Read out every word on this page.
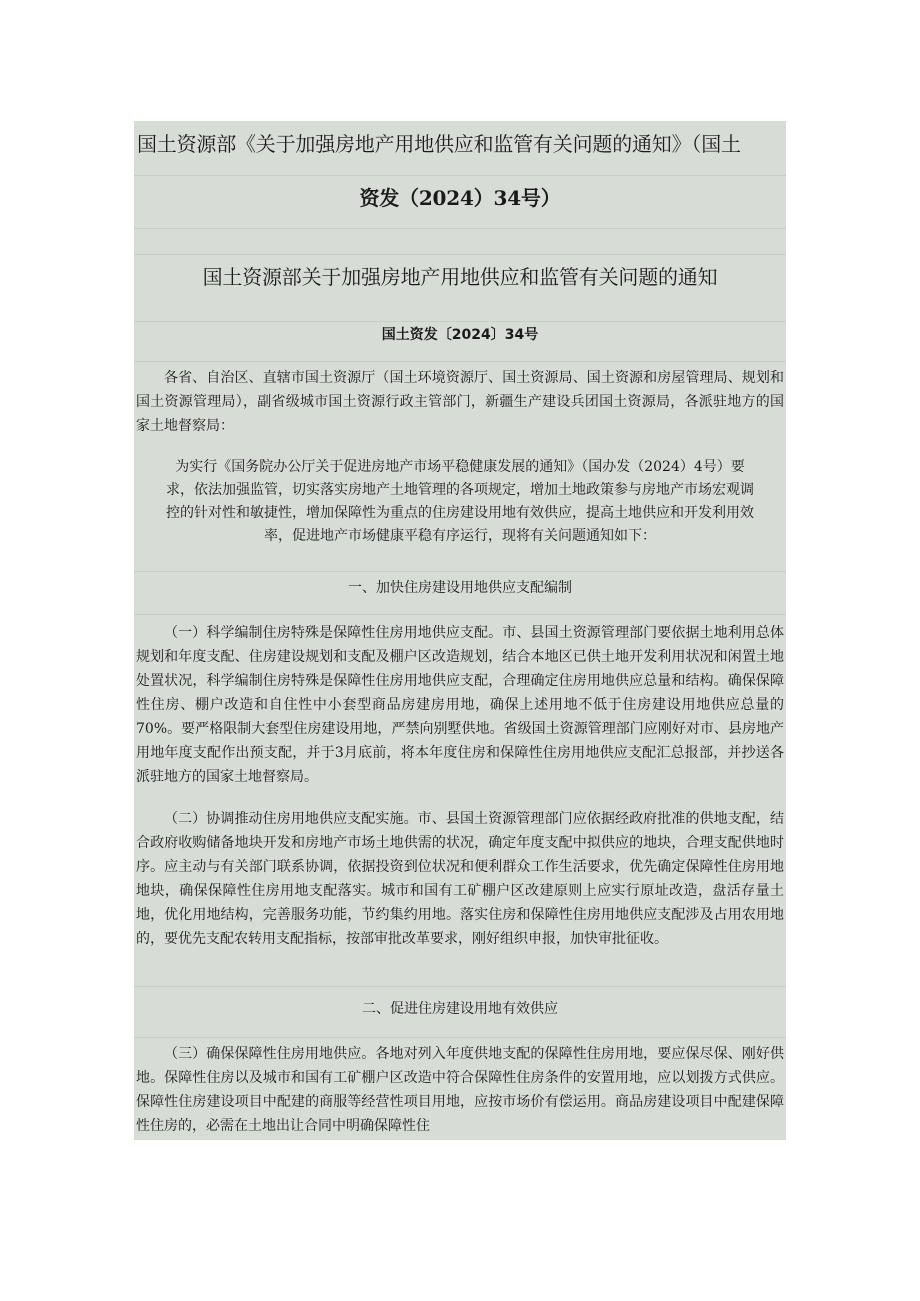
国土资源部《关于加强房地产用地供应和监管有关问题的通知》（国土
资发（2024）34号）
国土资源部关于加强房地产用地供应和监管有关问题的通知
国土资发〔2024〕34号

各省、自治区、直辖市国土资源厅（国土环境资源厅、国土资源局、国土资源和房屋管理局、规划和国土资源管理局），副省级城市国土资源行政主管部门，新疆生产建设兵团国土资源局，各派驻地方的国家土地督察局：

为实行《国务院办公厅关于促进房地产市场平稳健康发展的通知》（国办发（2024）4号）要求，依法加强监管，切实落实房地产土地管理的各项规定，增加土地政策参与房地产市场宏观调控的针对性和敏捷性，增加保障性为重点的住房建设用地有效供应，提高土地供应和开发利用效率，促进地产市场健康平稳有序运行，现将有关问题通知如下：

一、加快住房建设用地供应支配编制

（一）科学编制住房特殊是保障性住房用地供应支配。市、县国土资源管理部门要依据土地利用总体规划和年度支配、住房建设规划和支配及棚户区改造规划，结合本地区已供土地开发利用状况和闲置土地处置状况，科学编制住房特殊是保障性住房用地供应支配，合理确定住房用地供应总量和结构。确保保障性住房、棚户改造和自住性中小套型商品房建房用地，确保上述用地不低于住房建设用地供应总量的70%。要严格限制大套型住房建设用地，严禁向别墅供地。省级国土资源管理部门应刚好对市、县房地产用地年度支配作出预支配，并于3月底前，将本年度住房和保障性住房用地供应支配汇总报部，并抄送各派驻地方的国家土地督察局。

（二）协调推动住房用地供应支配实施。市、县国土资源管理部门应依据经政府批准的供地支配，结合政府收购储备地块开发和房地产市场土地供需的状况，确定年度支配中拟供应的地块，合理支配供地时序。应主动与有关部门联系协调，依据投资到位状况和便利群众工作生活要求，优先确定保障性住房用地地块，确保保障性住房用地支配落实。城市和国有工矿棚户区改建原则上应实行原址改造，盘活存量土地，优化用地结构，完善服务功能，节约集约用地。落实住房和保障性住房用地供应支配涉及占用农用地的，要优先支配农转用支配指标，按部审批改革要求，刚好组织申报，加快审批征收。

二、促进住房建设用地有效供应

（三）确保保障性住房用地供应。各地对列入年度供地支配的保障性住房用地，要应保尽保、刚好供地。保障性住房以及城市和国有工矿棚户区改造中符合保障性住房条件的安置用地，应以划拨方式供应。保障性住房建设项目中配建的商服等经营性项目用地，应按市场价有偿运用。商品房建设项目中配建保障性住房的，必需在土地出让合同中明确保障性住
